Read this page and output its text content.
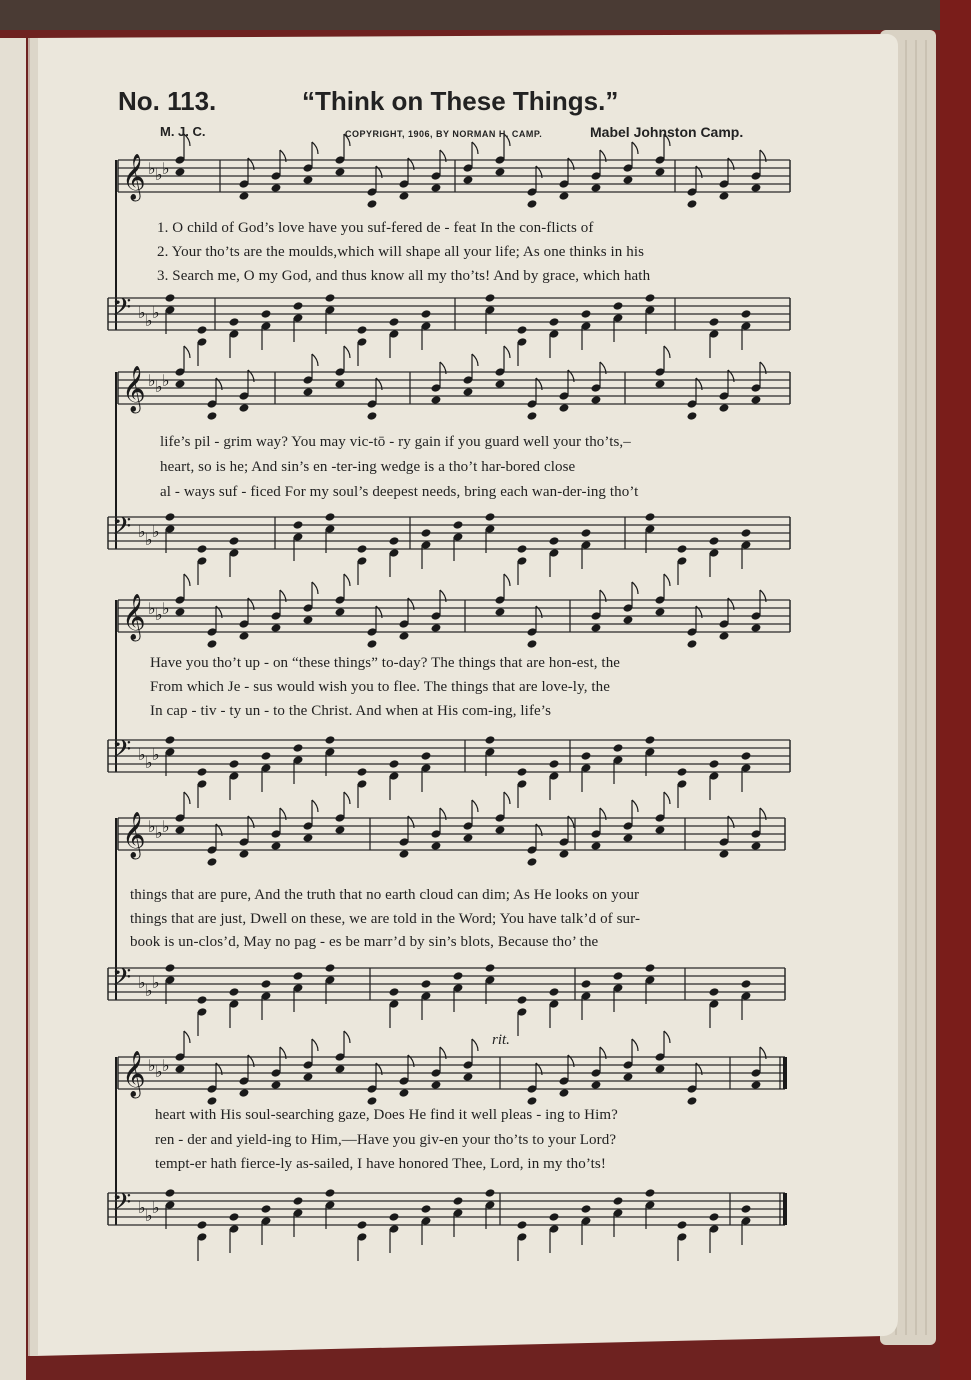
𝄞 ♭ ♭ ♭
𝄢 ♭ ♭ ♭
𝄞 ♭ ♭ ♭
𝄢 ♭ ♭ ♭
𝄞 ♭ ♭ ♭
𝄢 ♭ ♭ ♭
𝄞 ♭ ♭ ♭
𝄢 ♭ ♭ ♭
𝄞 ♭ ♭ ♭
𝄢 ♭ ♭ ♭
No. 113.	“Think on These Things.”
M. J. C.	COPYRIGHT, 1906, BY NORMAN H. CAMP.	Mabel Johnston Camp.
1. O child of God’s love have you suf-fered de - feat In the con-flicts of
2. Your tho’ts are the moulds,which will shape all your life; As one thinks in his
3. Search me, O my God, and thus know all my tho’ts! And by grace, which hath
life’s pil - grim way? You may vic-tō - ry gain if you guard well your tho’ts,–
heart, so is he; And sin’s en -ter-ing wedge is a tho’t har-bored close
al - ways suf - ficed For my soul’s deepest needs, bring each wan-der-ing tho’t
Have you tho’t up - on “these things” to-day? The things that are hon-est, the
From which Je - sus would wish you to flee. The things that are love-ly, the
In cap - tiv - ty un - to the Christ. And when at His com-ing, life’s
things that are pure, And the truth that no earth cloud can dim; As He looks on your
things that are just, Dwell on these, we are told in the Word; You have talk’d of sur-
book is un-clos’d, May no pag - es be marr’d by sin’s blots, Because tho’ the
rit.
heart with His soul-searching gaze, Does He find it well pleas - ing to Him?
ren - der and yield-ing to Him,—Have you giv-en your tho’ts to your Lord?
tempt-er hath fierce-ly as-sailed, I have honored Thee, Lord, in my tho’ts!
